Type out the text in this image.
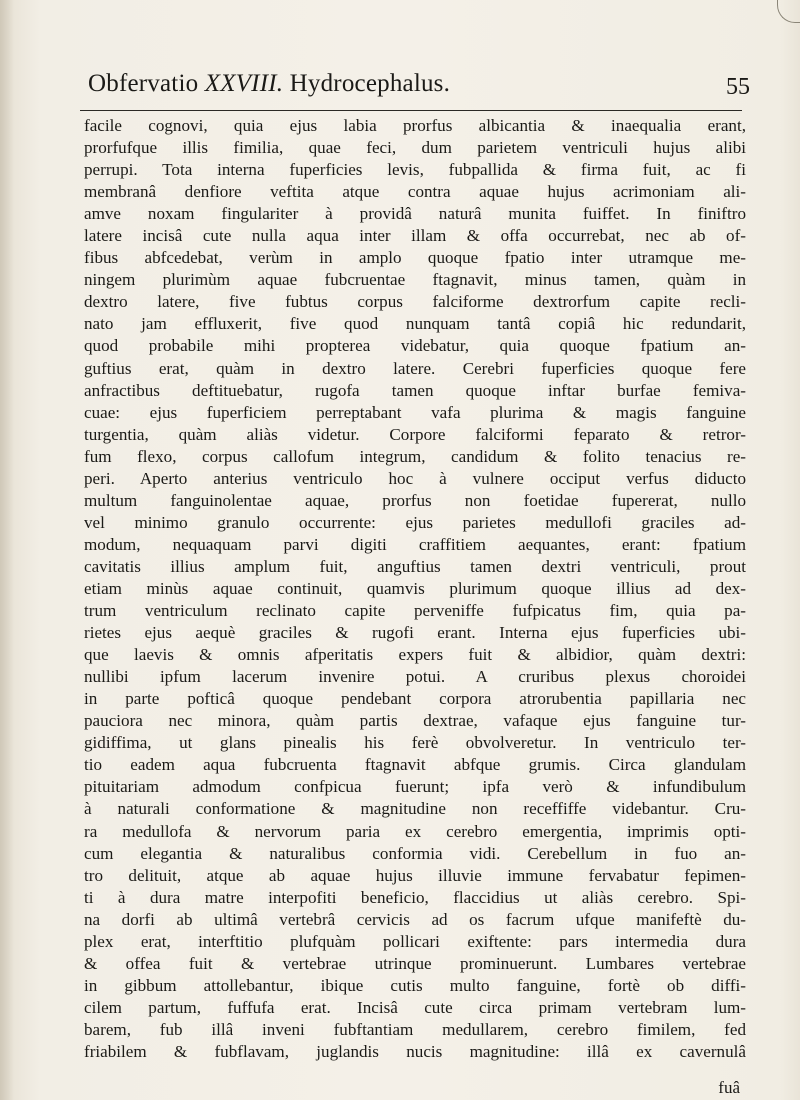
Obfervatio XXVIII. Hydrocephalus.	55
facile cognovi, quia ejus labia prorfus albicantia & inaequalia erant,
prorfufque illis fimilia, quae feci, dum parietem ventriculi hujus alibi
perrupi. Tota interna fuperficies levis, fubpallida & firma fuit, ac fi
membranâ denfiore veftita atque contra aquae hujus acrimoniam ali-
amve noxam fingulariter à providâ naturâ munita fuiffet. In finiftro
latere incisâ cute nulla aqua inter illam & offa occurrebat, nec ab of-
fibus abfcedebat, verùm in amplo quoque fpatio inter utramque me-
ningem plurimùm aquae fubcruentae ftagnavit, minus tamen, quàm in
dextro latere, five fubtus corpus falciforme dextrorfum capite recli-
nato jam effluxerit, five quod nunquam tantâ copiâ hic redundarit,
quod probabile mihi propterea videbatur, quia quoque fpatium an-
guftius erat, quàm in dextro latere. Cerebri fuperficies quoque fere
anfractibus deftituebatur, rugofa tamen quoque inftar burfae femiva-
cuae: ejus fuperficiem perreptabant vafa plurima & magis fanguine
turgentia, quàm aliàs videtur. Corpore falciformi feparato & retror-
fum flexo, corpus callofum integrum, candidum & folito tenacius re-
peri. Aperto anterius ventriculo hoc à vulnere occiput verfus diducto
multum fanguinolentae aquae, prorfus non foetidae fupererat, nullo
vel minimo granulo occurrente: ejus parietes medullofi graciles ad-
modum, nequaquam parvi digiti craffitiem aequantes, erant: fpatium
cavitatis illius amplum fuit, anguftius tamen dextri ventriculi, prout
etiam minùs aquae continuit, quamvis plurimum quoque illius ad dex-
trum ventriculum reclinato capite perveniffe fufpicatus fim, quia pa-
rietes ejus aequè graciles & rugofi erant. Interna ejus fuperficies ubi-
que laevis & omnis afperitatis expers fuit & albidior, quàm dextri:
nullibi ipfum lacerum invenire potui. A cruribus plexus choroidei
in parte pofticâ quoque pendebant corpora atrorubentia papillaria nec
pauciora nec minora, quàm partis dextrae, vafaque ejus fanguine tur-
gidiffima, ut glans pinealis his ferè obvolveretur. In ventriculo ter-
tio eadem aqua fubcruenta ftagnavit abfque grumis. Circa glandulam
pituitariam admodum confpicua fuerunt; ipfa verò & infundibulum
à naturali conformatione & magnitudine non receffiffe videbantur. Cru-
ra medullofa & nervorum paria ex cerebro emergentia, imprimis opti-
cum elegantia & naturalibus conformia vidi. Cerebellum in fuo an-
tro delituit, atque ab aquae hujus illuvie immune fervabatur fepimen-
ti à dura matre interpofiti beneficio, flaccidius ut aliàs cerebro. Spi-
na dorfi ab ultimâ vertebrâ cervicis ad os facrum ufque manifeftè du-
plex erat, interftitio plufquàm pollicari exiftente: pars intermedia dura
& offea fuit & vertebrae utrinque prominuerunt. Lumbares vertebrae
in gibbum attollebantur, ibique cutis multo fanguine, fortè ob diffi-
cilem partum, fuffufa erat. Incisâ cute circa primam vertebram lum-
barem, fub illâ inveni fubftantiam medullarem, cerebro fimilem, fed
friabilem & fubflavam, juglandis nucis magnitudine: illâ ex cavernulâ
fuâ
